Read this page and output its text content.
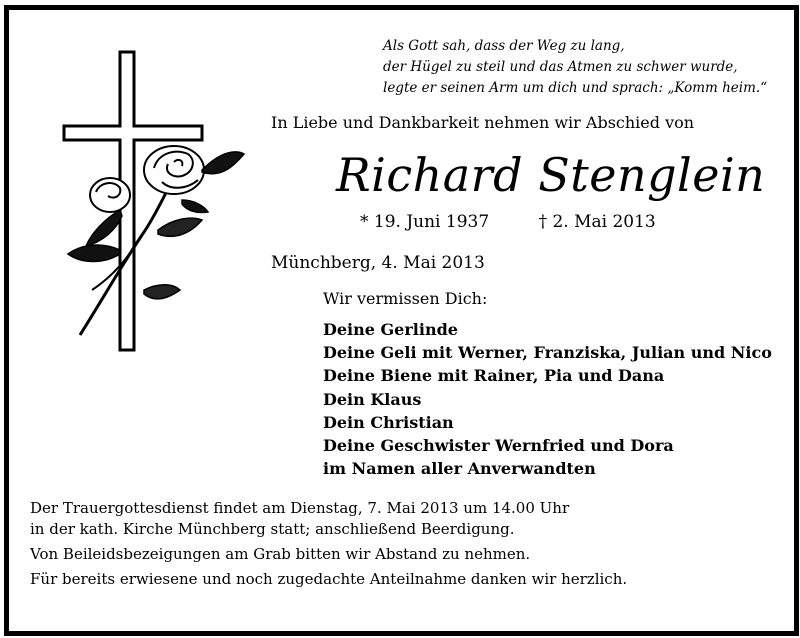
Als Gott sah, dass der Weg zu lang,
der Hügel zu steil und das Atmen zu schwer wurde,
legte er seinen Arm um dich und sprach: „Komm heim.“
In Liebe und Dankbarkeit nehmen wir Abschied von
Richard Stenglein
* 19. Juni 1937	† 2. Mai 2013
Münchberg, 4. Mai 2013
Wir vermissen Dich:
Deine Gerlinde
Deine Geli mit Werner, Franziska, Julian und Nico
Deine Biene mit Rainer, Pia und Dana
Dein Klaus
Dein Christian
Deine Geschwister Wernfried und Dora
im Namen aller Anverwandten
Der Trauergottesdienst findet am Dienstag, 7. Mai 2013 um 14.00 Uhr
in der kath. Kirche Münchberg statt; anschließend Beerdigung.
Von Beileidsbezeigungen am Grab bitten wir Abstand zu nehmen.
Für bereits erwiesene und noch zugedachte Anteilnahme danken wir herzlich.
